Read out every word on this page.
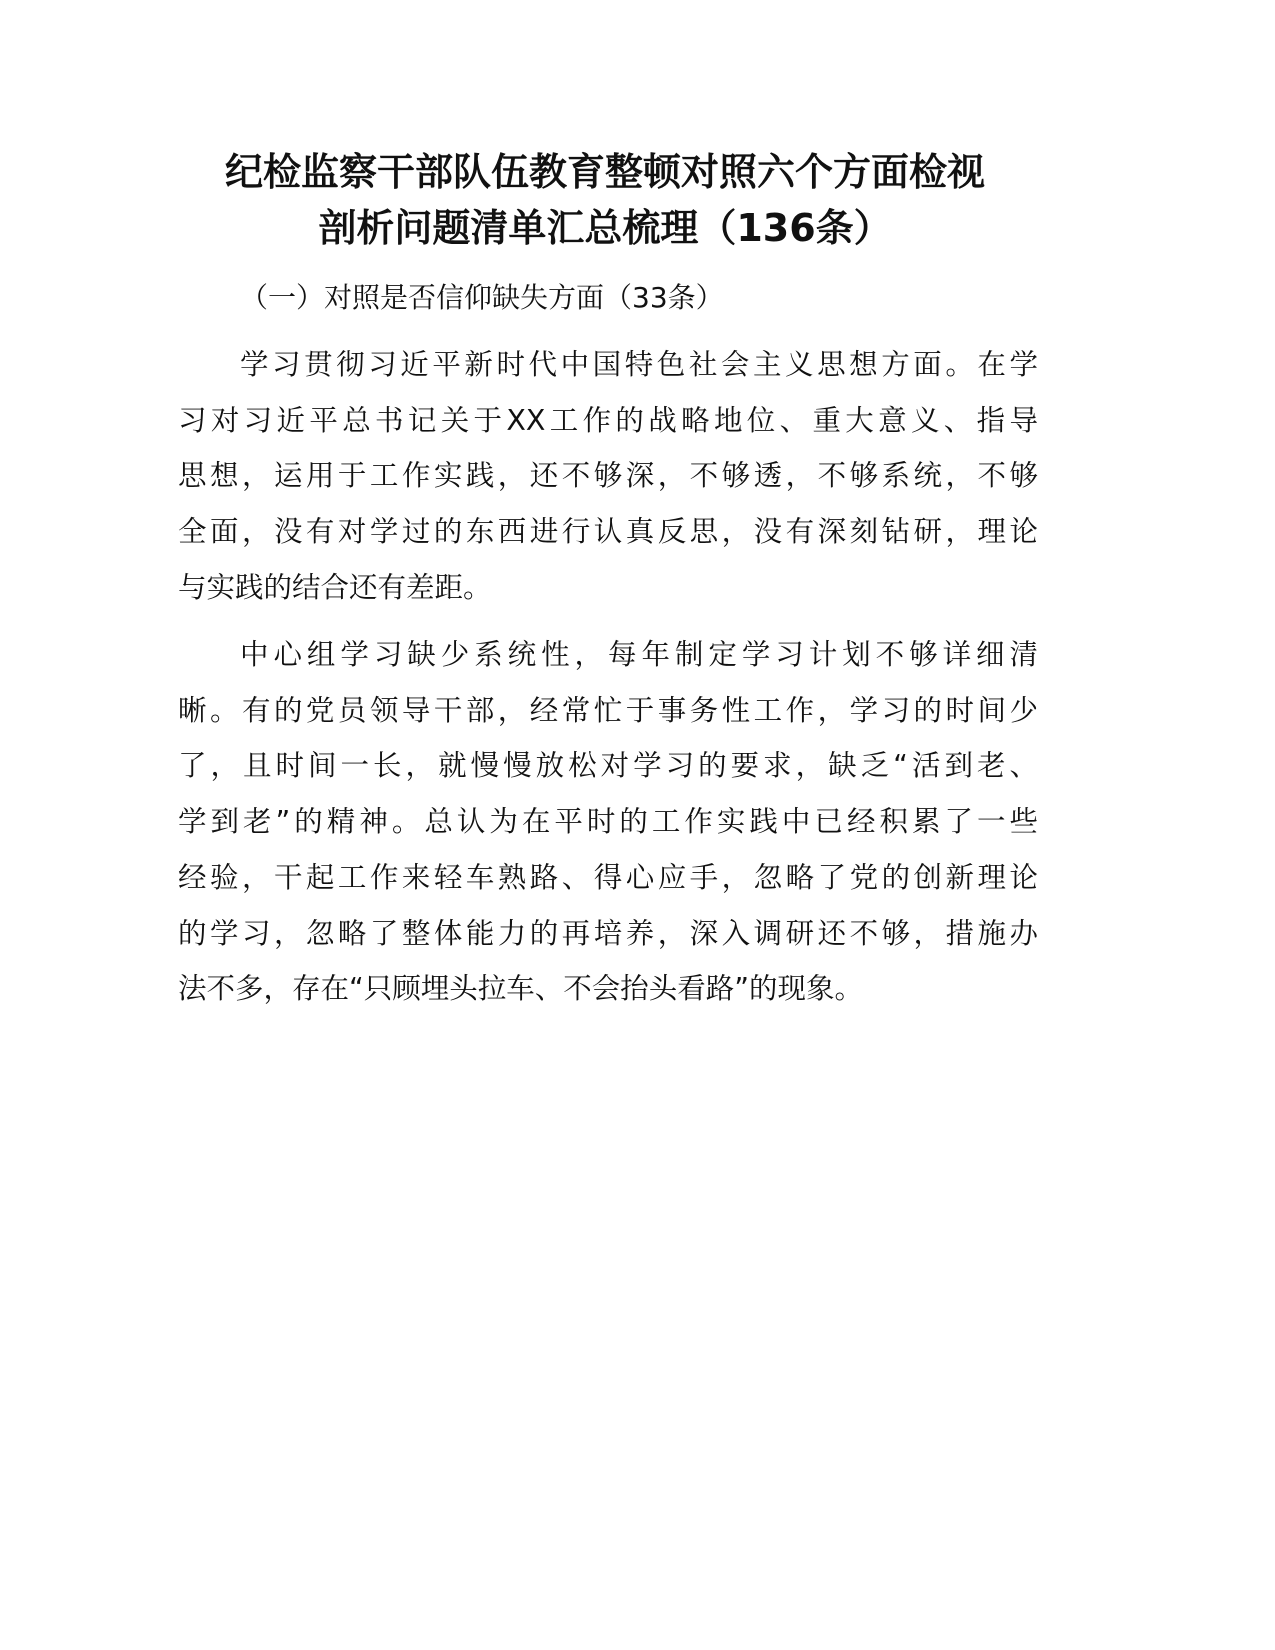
纪检监察干部队伍教育整顿对照六个方面检视
剖析问题清单汇总梳理（136条）
（一）对照是否信仰缺失方面（33条）
学习贯彻习近平新时代中国特色社会主义思想方面。在学
习对习近平总书记关于XX工作的战略地位、重大意义、指导
思想，运用于工作实践，还不够深，不够透，不够系统，不够
全面，没有对学过的东西进行认真反思，没有深刻钻研，理论
与实践的结合还有差距。
中心组学习缺少系统性，每年制定学习计划不够详细清
晰。有的党员领导干部，经常忙于事务性工作，学习的时间少
了，且时间一长，就慢慢放松对学习的要求，缺乏“活到老、
学到老”的精神。总认为在平时的工作实践中已经积累了一些
经验，干起工作来轻车熟路、得心应手，忽略了党的创新理论
的学习，忽略了整体能力的再培养，深入调研还不够，措施办
法不多，存在“只顾埋头拉车、不会抬头看路”的现象。
